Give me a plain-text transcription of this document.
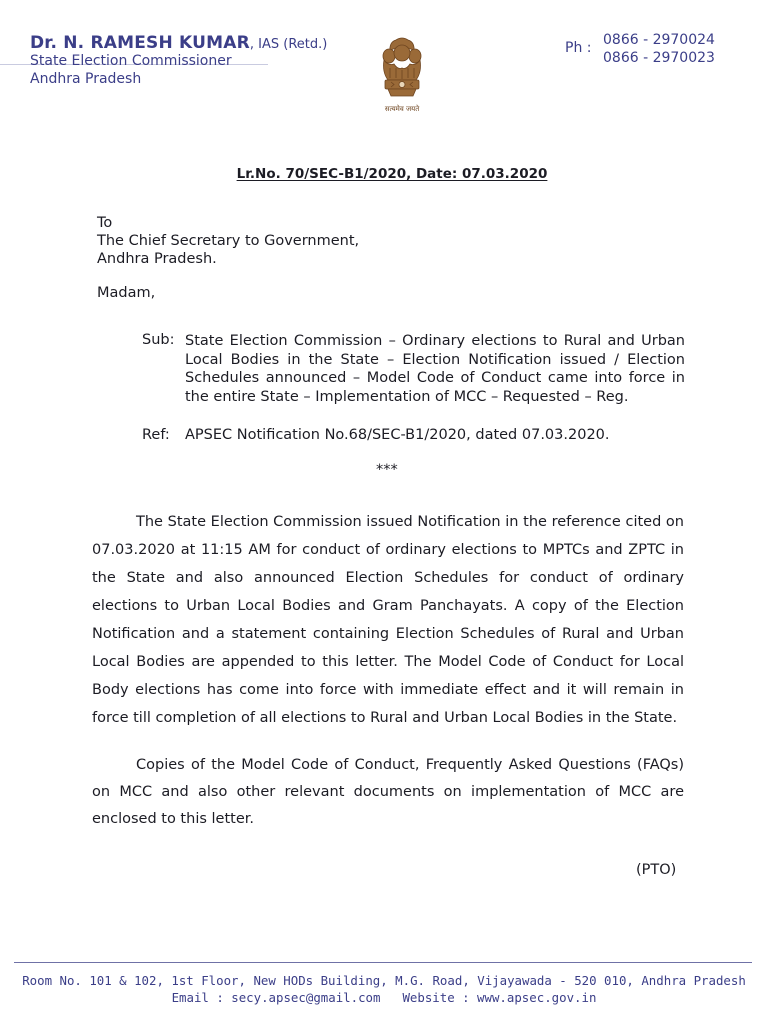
Dr. N. RAMESH KUMAR, IAS (Retd.)
State Election Commissioner
Andhra Pradesh
सत्यमेव जयते
Ph : 0866 - 2970024
0866 - 2970023
Lr.No. 70/SEC-B1/2020, Date: 07.03.2020
To
The Chief Secretary to Government,
Andhra Pradesh.
Madam,
Sub: State Election Commission – Ordinary elections to Rural and Urban Local Bodies in the State – Election Notification issued / Election Schedules announced – Model Code of Conduct came into force in the entire State – Implementation of MCC – Requested – Reg.
Ref: APSEC Notification No.68/SEC-B1/2020, dated 07.03.2020.
***
The State Election Commission issued Notification in the reference cited on 07.03.2020 at 11:15 AM for conduct of ordinary elections to MPTCs and ZPTC in the State and also announced Election Schedules for conduct of ordinary elections to Urban Local Bodies and Gram Panchayats. A copy of the Election Notification and a statement containing Election Schedules of Rural and Urban Local Bodies are appended to this letter. The Model Code of Conduct for Local Body elections has come into force with immediate effect and it will remain in force till completion of all elections to Rural and Urban Local Bodies in the State.
Copies of the Model Code of Conduct, Frequently Asked Questions (FAQs) on MCC and also other relevant documents on implementation of MCC are enclosed to this letter.
(PTO)
Room No. 101 & 102, 1st Floor, New HODs Building, M.G. Road, Vijayawada - 520 010, Andhra Pradesh
Email : secy.apsec@gmail.com Website : www.apsec.gov.in
